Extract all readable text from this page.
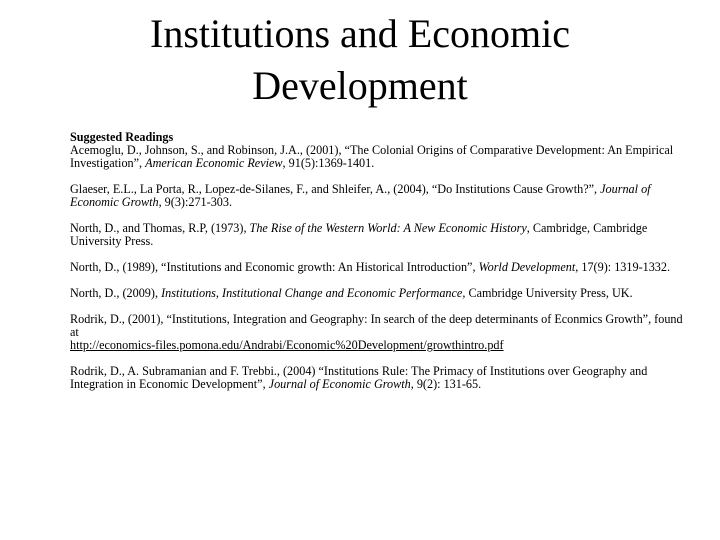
Institutions and Economic
Development
Suggested Readings
Acemoglu, D., Johnson, S., and Robinson, J.A., (2001), “The Colonial Origins of Comparative Development: An Empirical Investigation”, American Economic Review, 91(5):1369-1401.
Glaeser, E.L., La Porta, R., Lopez-de-Silanes, F., and Shleifer, A., (2004), “Do Institutions Cause Growth?”, Journal of Economic Growth, 9(3):271-303.
North, D., and Thomas, R.P, (1973), The Rise of the Western World: A New Economic History, Cambridge, Cambridge University Press.
North, D., (1989), “Institutions and Economic growth: An Historical Introduction”, World Development, 17(9): 1319-1332.
North, D., (2009), Institutions, Institutional Change and Economic Performance, Cambridge University Press, UK.
Rodrik, D., (2001), “Institutions, Integration and Geography: In search of the deep determinants of Econmics Growth”, found at
http://economics-files.pomona.edu/Andrabi/Economic%20Development/growthintro.pdf
Rodrik, D., A. Subramanian and F. Trebbi., (2004) “Institutions Rule: The Primacy of Institutions over Geography and Integration in Economic Development”, Journal of Economic Growth, 9(2): 131-65.
